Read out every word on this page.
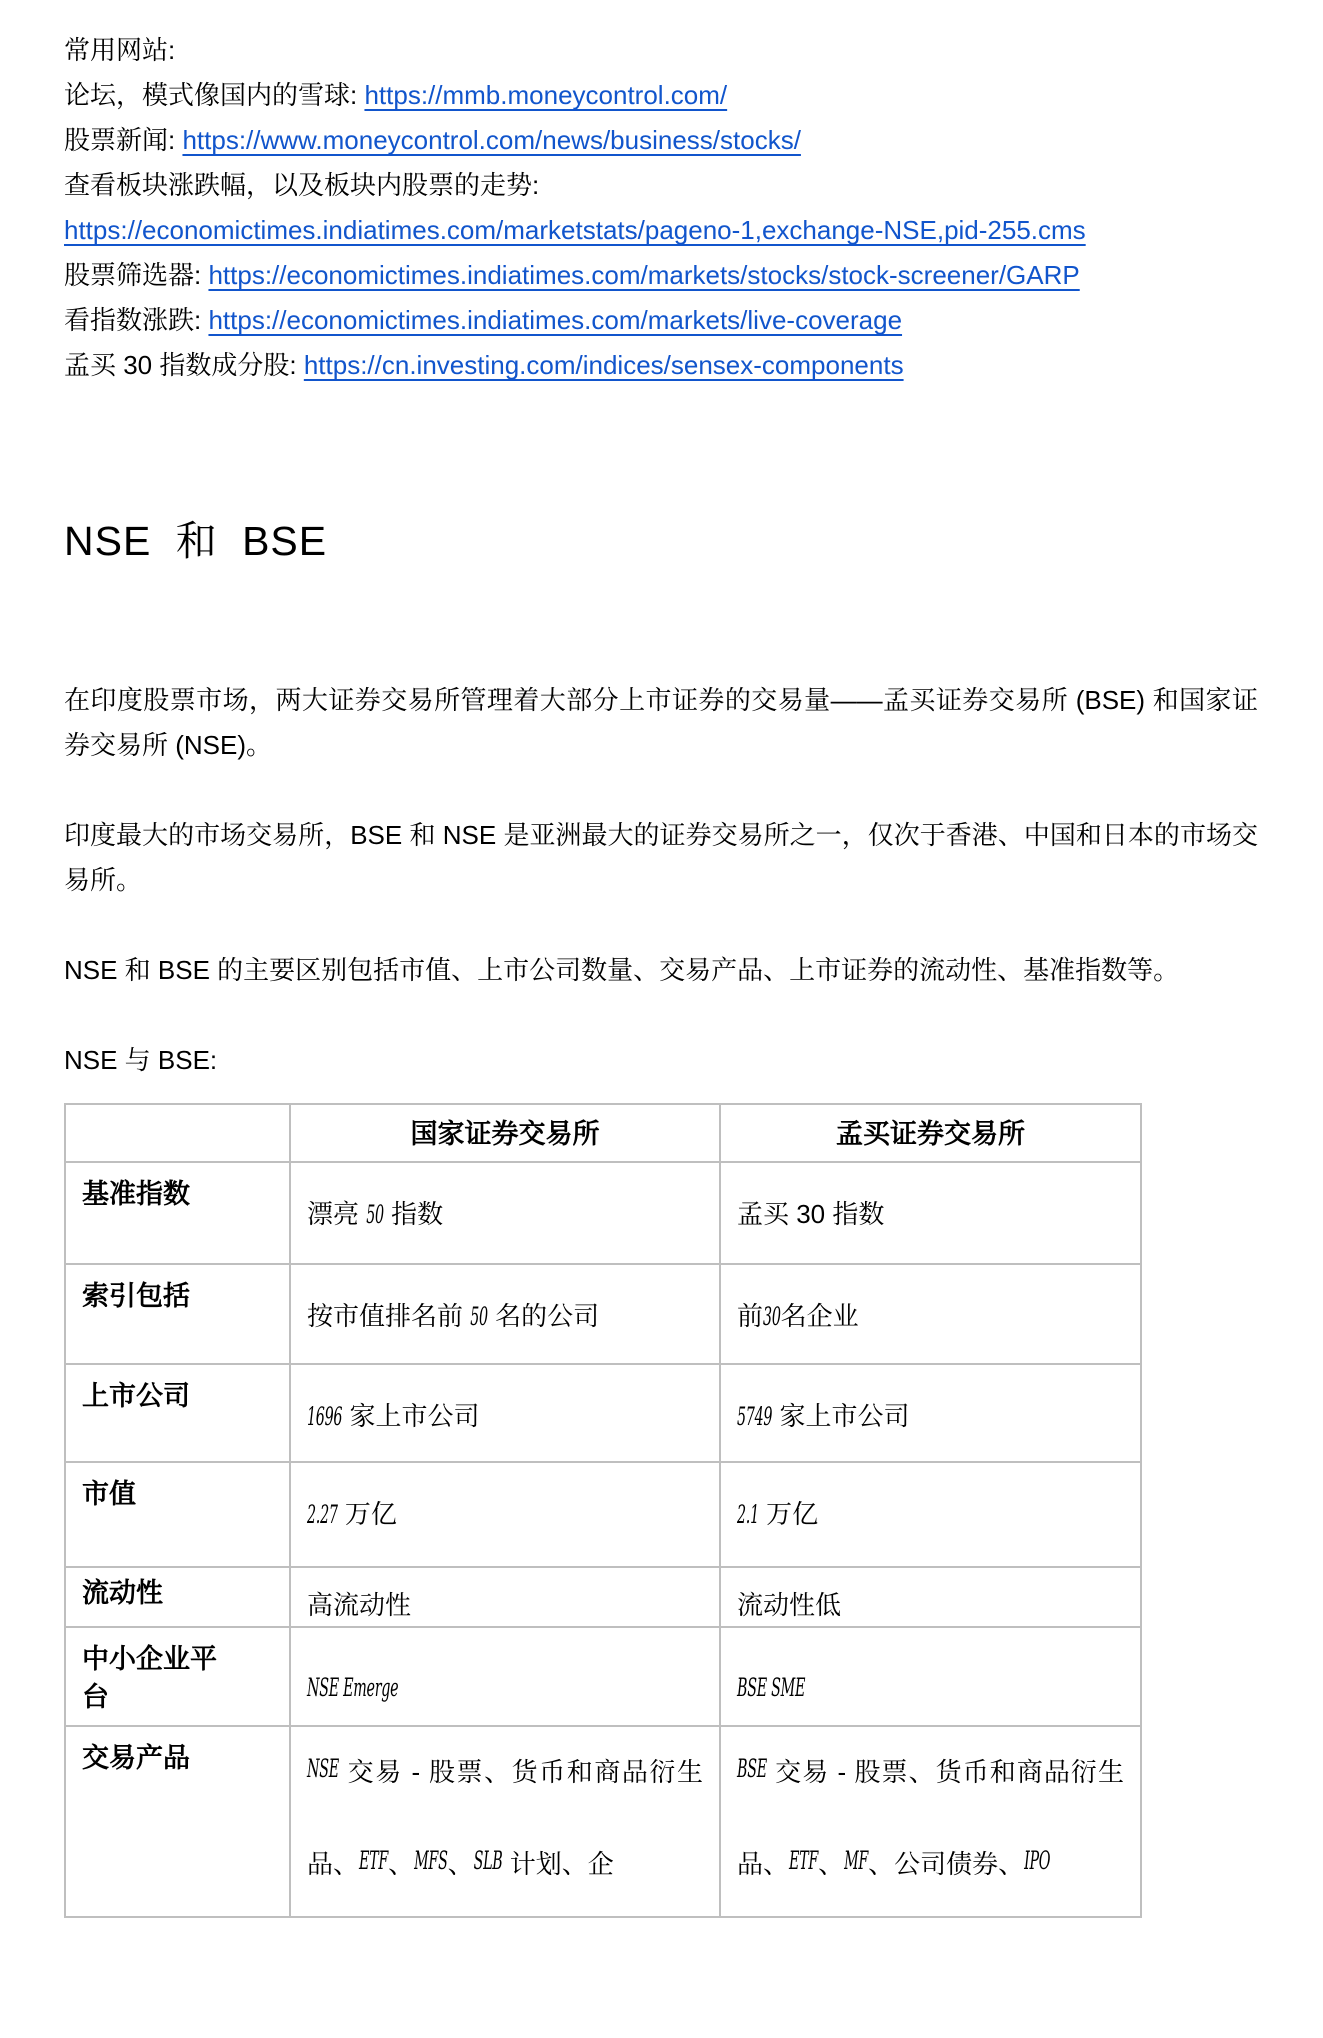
常用网站:
论坛，模式像国内的雪球: https://mmb.moneycontrol.com/
股票新闻: https://www.moneycontrol.com/news/business/stocks/
查看板块涨跌幅，以及板块内股票的走势:
https://economictimes.indiatimes.com/marketstats/pageno-1,exchange-NSE,pid-255.cms
股票筛选器: https://economictimes.indiatimes.com/markets/stocks/stock-screener/GARP
看指数涨跌: https://economictimes.indiatimes.com/markets/live-coverage
孟买 30 指数成分股: https://cn.investing.com/indices/sensex-components
NSE 和 BSE

在印度股票市场，两大证券交易所管理着大部分上市证券的交易量——孟买证券交易所 (BSE) 和国家证券交易所 (NSE)。

印度最大的市场交易所，BSE 和 NSE 是亚洲最大的证券交易所之一，仅次于香港、中国和日本的市场交易所。

NSE 和 BSE 的主要区别包括市值、上市公司数量、交易产品、上市证券的流动性、基准指数等。

NSE 与 BSE:

	国家证券交易所	孟买证券交易所
基准指数	漂亮 50 指数	孟买 30 指数
索引包括	按市值排名前 50 名的公司	前30名企业
上市公司	1696 家上市公司	5749 家上市公司
市值	2.27 万亿	2.1 万亿
流动性	高流动性	流动性低
中小企业平台	NSE Emerge	BSE SME
交易产品	NSE 交易 - 股票、货币和商品衍生品、ETF、MFS、SLB 计划、企	BSE 交易 - 股票、货币和商品衍生品、ETF、MF、公司债券、IPO
